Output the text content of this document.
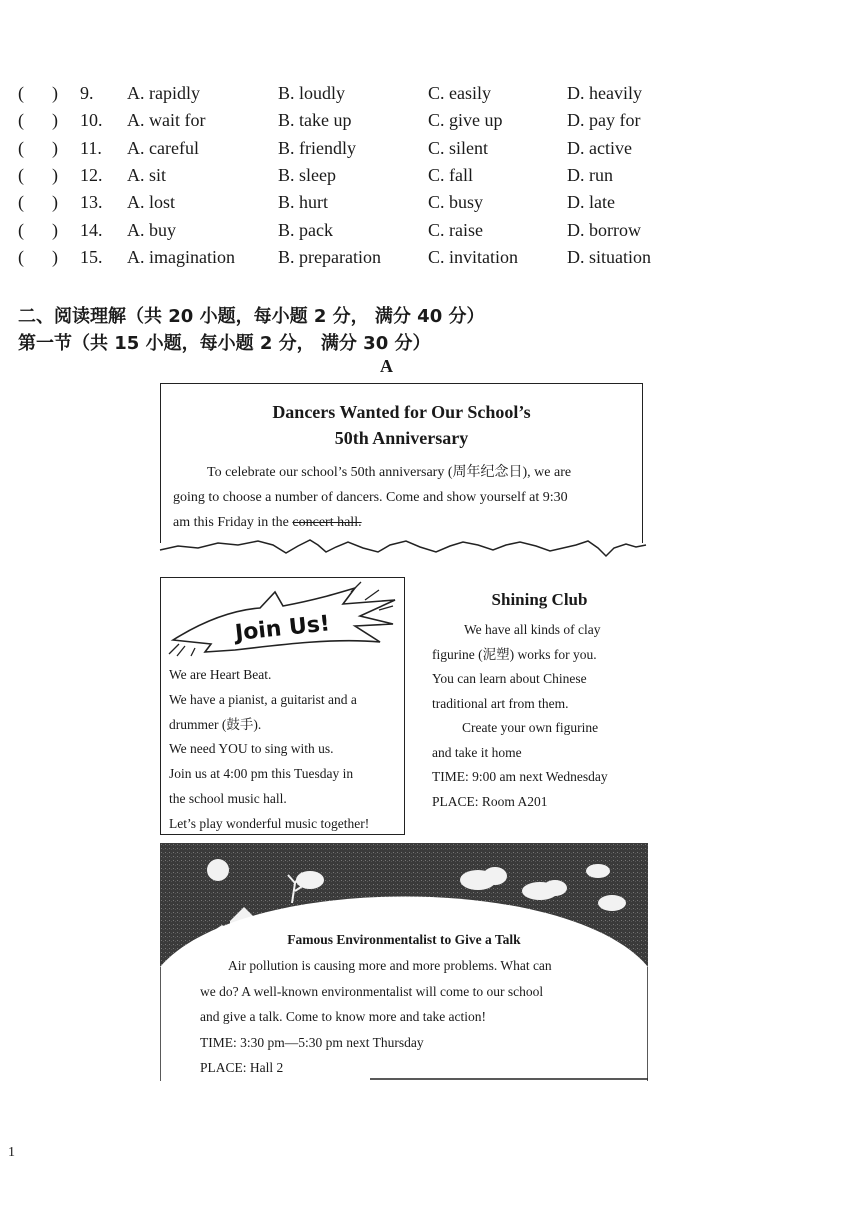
( ) 9. A. rapidly	B. loudly	C. easily	D. heavily
( ) 10. A. wait for	B. take up	C. give up	D. pay for
( ) 11. A. careful	B. friendly	C. silent	D. active
( ) 12. A. sit	B. sleep	C. fall	D. run
( ) 13. A. lost	B. hurt	C. busy	D. late
( ) 14. A. buy	B. pack	C. raise	D. borrow
( ) 15. A. imagination B. preparation	C. invitation	D. situation
二、阅读理解（共 20 小题，每小题 2 分， 满分 40 分）
第一节（共 15 小题，每小题 2 分， 满分 30 分）
A
Dancers Wanted for Our School’s
50th Anniversary
To celebrate our school’s 50th anniversary (周年纪念日), we are
going to choose a number of dancers. Come and show yourself at 9:30
am this Friday in the concert hall.
Join Us!
We are Heart Beat.
We have a pianist, a guitarist and a
drummer (鼓手).
We need YOU to sing with us.
Join us at 4:00 pm this Tuesday in
the school music hall.
Let’s play wonderful music together!
Shining Club
We have all kinds of clay
figurine (泥塑) works for you.
You can learn about Chinese
traditional art from them.
Create your own figurine
and take it home
TIME: 9:00 am next Wednesday
PLACE: Room A201
Famous Environmentalist to Give a Talk
Air pollution is causing more and more problems. What can
we do? A well-known environmentalist will come to our school
and give a talk. Come to know more and take action!
TIME: 3:30 pm—5:30 pm next Thursday
PLACE: Hall 2
1
